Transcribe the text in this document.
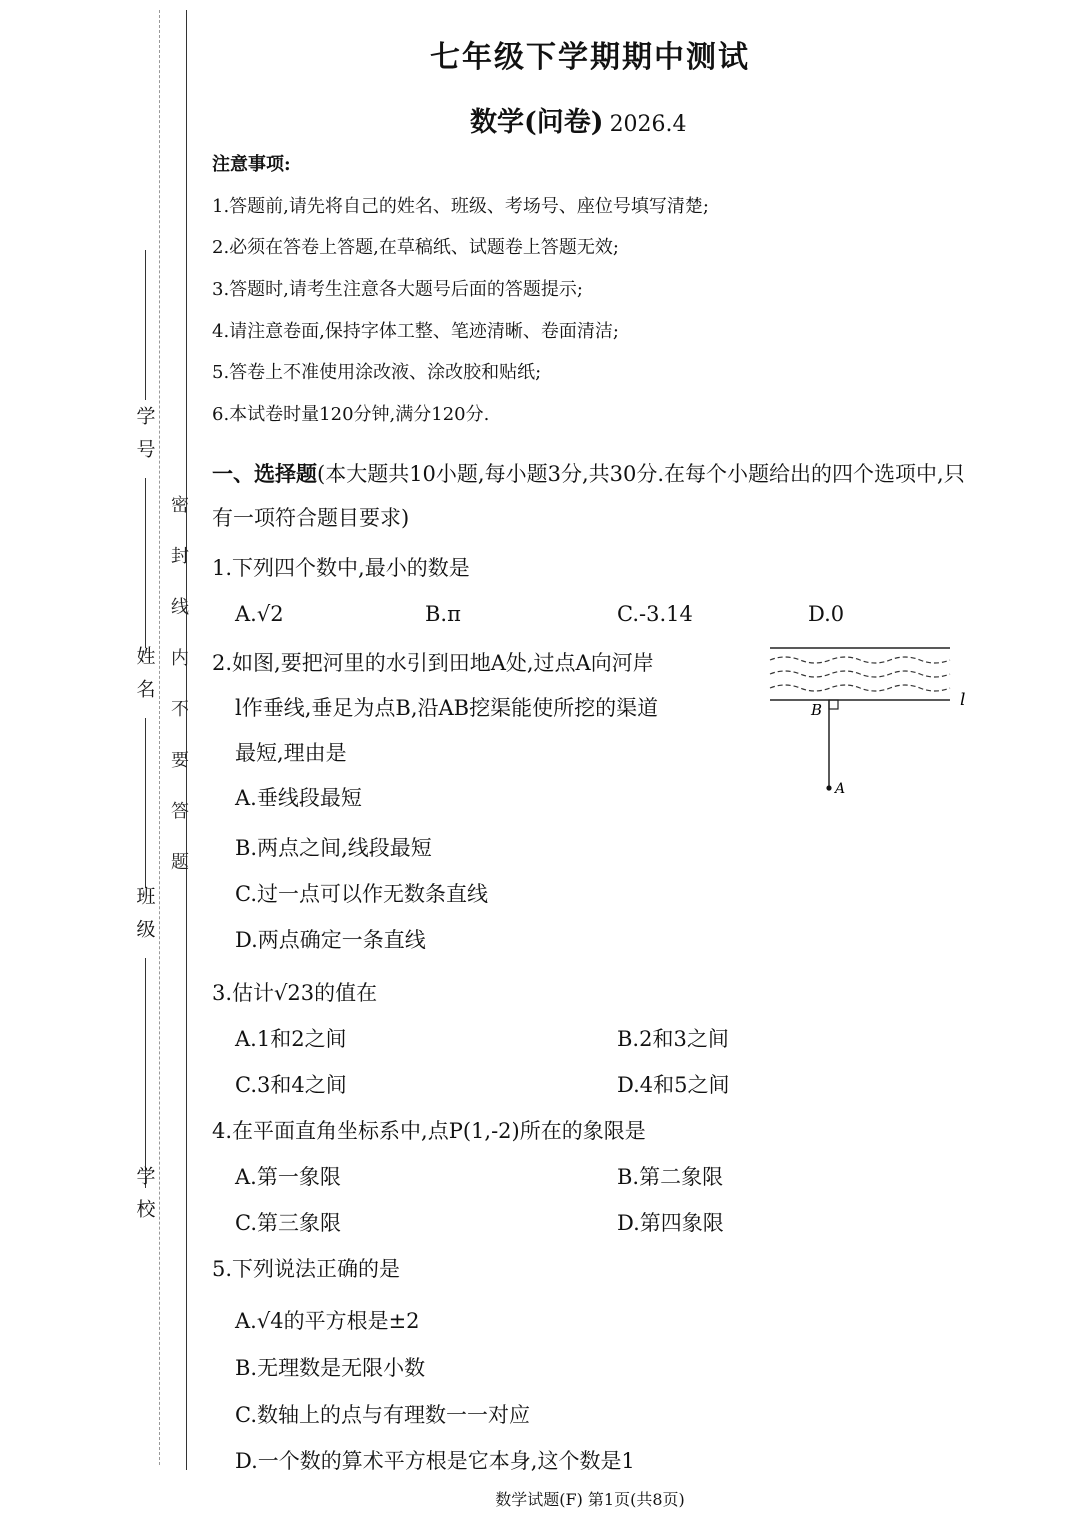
学号
姓名
班级
学校
密封线内不要答题
七年级下学期期中测试
数学(问卷) 2026.4
注意事项:
1.答题前,请先将自己的姓名、班级、考场号、座位号填写清楚;
2.必须在答卷上答题,在草稿纸、试题卷上答题无效;
3.答题时,请考生注意各大题号后面的答题提示;
4.请注意卷面,保持字体工整、笔迹清晰、卷面清洁;
5.答卷上不准使用涂改液、涂改胶和贴纸;
6.本试卷时量120分钟,满分120分.
一、选择题(本大题共10小题,每小题3分,共30分.在每个小题给出的四个选项中,只有一项符合题目要求)
1.下列四个数中,最小的数是
A.√2	B.π	C.-3.14	D.0
2.如图,要把河里的水引到田地A处,过点A向河岸
l作垂线,垂足为点B,沿AB挖渠能使所挖的渠道
最短,理由是
A.垂线段最短
B.两点之间,线段最短
C.过一点可以作无数条直线
D.两点确定一条直线
B
A
l
3.估计√23的值在
A.1和2之间	B.2和3之间
C.3和4之间	D.4和5之间
4.在平面直角坐标系中,点P(1,-2)所在的象限是
A.第一象限	B.第二象限
C.第三象限	D.第四象限
5.下列说法正确的是
A.√4的平方根是±2
B.无理数是无限小数
C.数轴上的点与有理数一一对应
D.一个数的算术平方根是它本身,这个数是1
数学试题(F) 第1页(共8页)
